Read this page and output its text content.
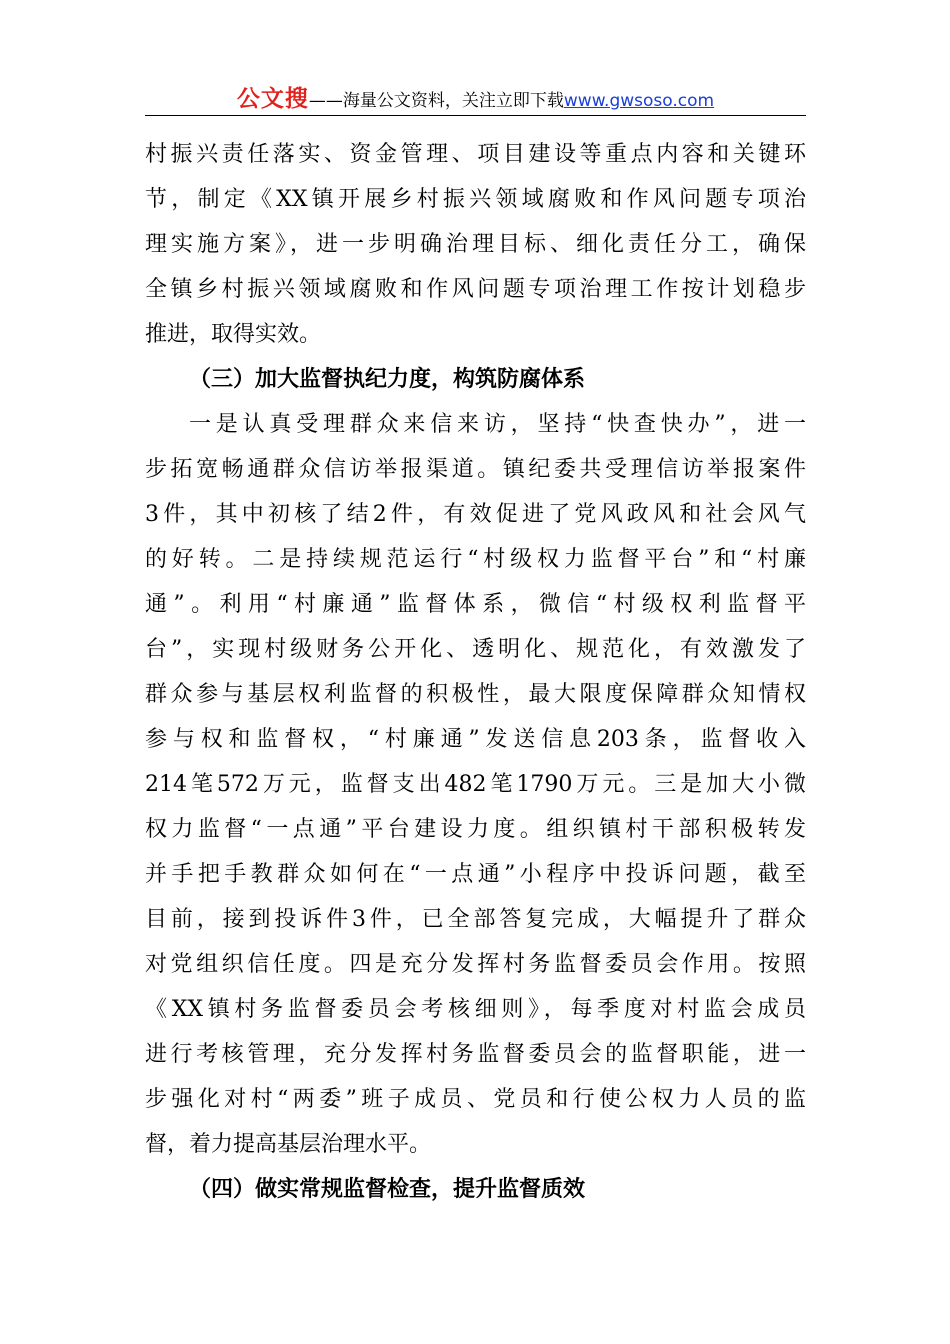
公文搜——海量公文资料，关注立即下载www.gwsoso.com
村振兴责任落实、资金管理、项目建设等重点内容和关键环
节，制定《XX镇开展乡村振兴领域腐败和作风问题专项治
理实施方案》，进一步明确治理目标、细化责任分工，确保
全镇乡村振兴领域腐败和作风问题专项治理工作按计划稳步
推进，取得实效。
（三）加大监督执纪力度，构筑防腐体系
一是认真受理群众来信来访，坚持“快查快办”，进一
步拓宽畅通群众信访举报渠道。镇纪委共受理信访举报案件
3件，其中初核了结2件，有效促进了党风政风和社会风气
的好转。二是持续规范运行“村级权力监督平台”和“村廉
通”。利用“村廉通”监督体系，微信“村级权利监督平
台”，实现村级财务公开化、透明化、规范化，有效激发了
群众参与基层权利监督的积极性，最大限度保障群众知情权
参与权和监督权，“村廉通”发送信息203条，监督收入
214笔572万元，监督支出482笔1790万元。三是加大小微
权力监督“一点通”平台建设力度。组织镇村干部积极转发
并手把手教群众如何在“一点通”小程序中投诉问题，截至
目前，接到投诉件3件，已全部答复完成，大幅提升了群众
对党组织信任度。四是充分发挥村务监督委员会作用。按照
《XX镇村务监督委员会考核细则》，每季度对村监会成员
进行考核管理，充分发挥村务监督委员会的监督职能，进一
步强化对村“两委”班子成员、党员和行使公权力人员的监
督，着力提高基层治理水平。
（四）做实常规监督检查，提升监督质效
